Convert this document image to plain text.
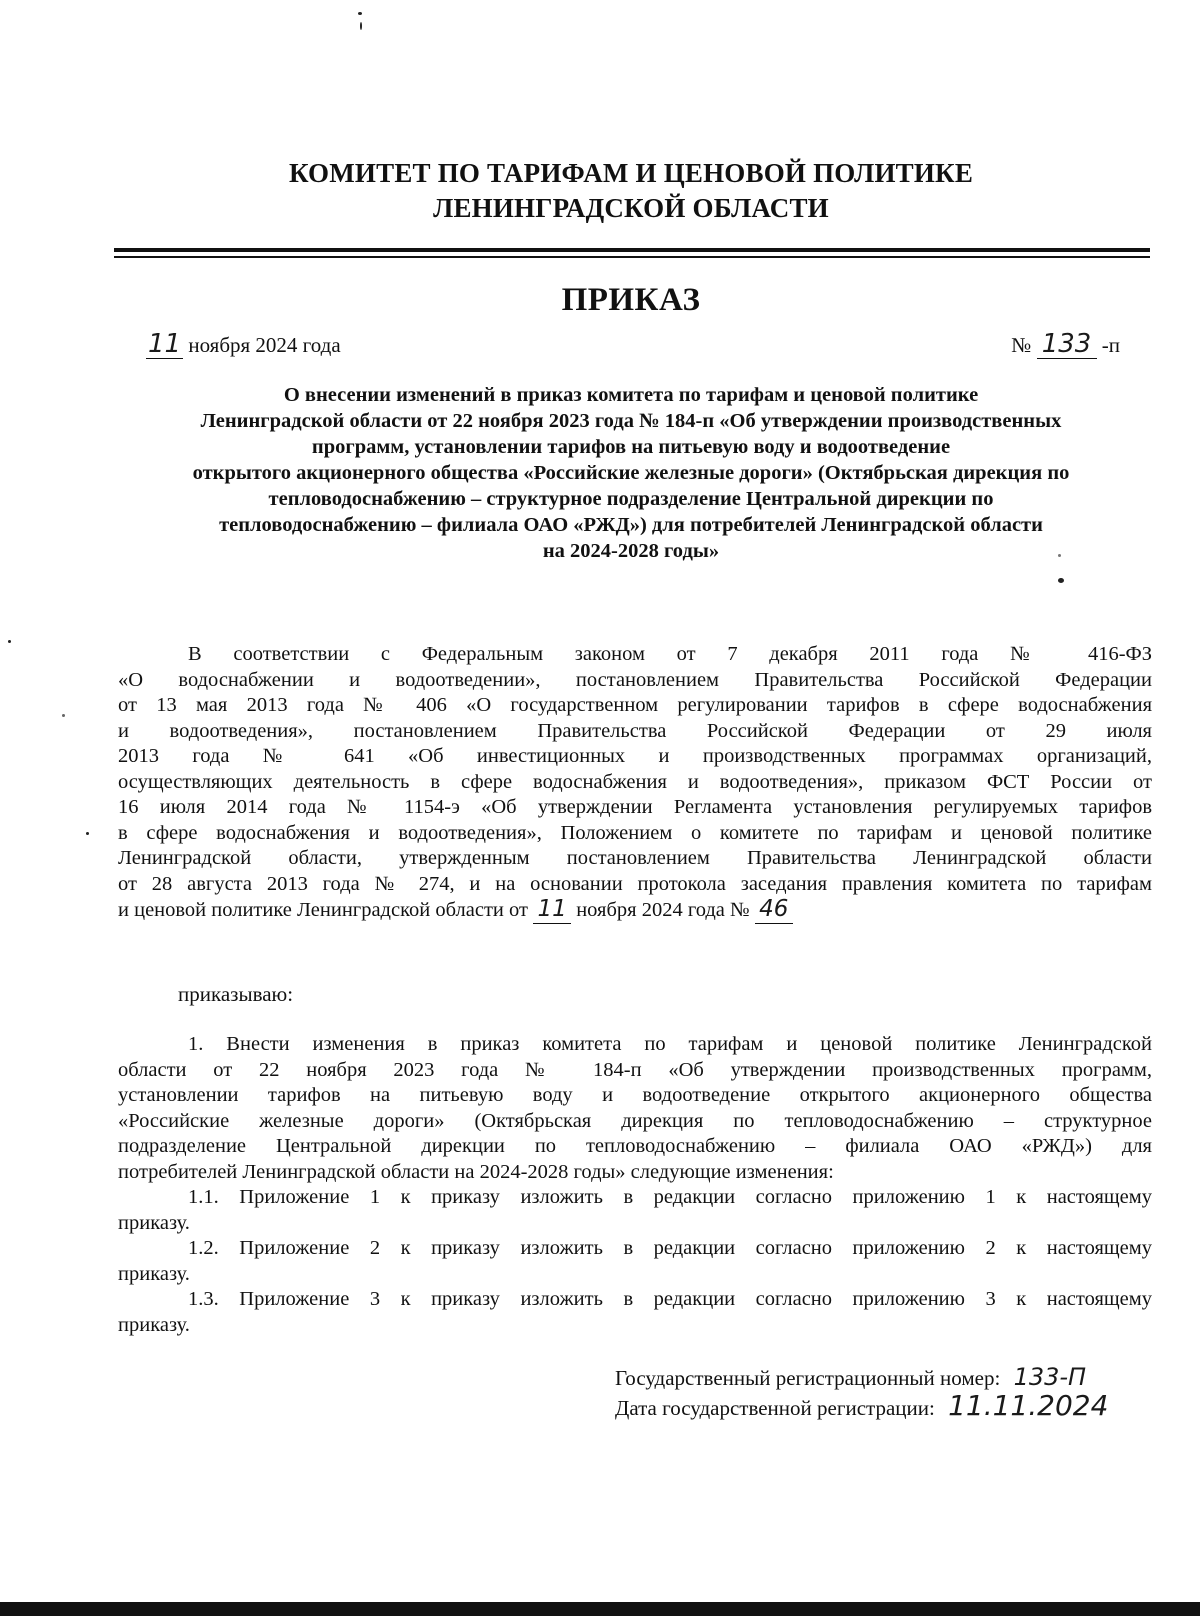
КОМИТЕТ ПО ТАРИФАМ И ЦЕНОВОЙ ПОЛИТИКЕ
ЛЕНИНГРАДСКОЙ ОБЛАСТИ
ПРИКАЗ
11 ноября 2024 года	№ 133 -п
О внесении изменений в приказ комитета по тарифам и ценовой политике
Ленинградской области от 22 ноября 2023 года № 184-п «Об утверждении производственных
программ, установлении тарифов на питьевую воду и водоотведение
открытого акционерного общества «Российские железные дороги» (Октябрьская дирекция по
тепловодоснабжению – структурное подразделение Центральной дирекции по
тепловодоснабжению – филиала ОАО «РЖД») для потребителей Ленинградской области
на 2024-2028 годы»
В соответствии с Федеральным законом от 7 декабря 2011 года № 416-ФЗ
«О водоснабжении и водоотведении», постановлением Правительства Российской Федерации
от 13 мая 2013 года № 406 «О государственном регулировании тарифов в сфере водоснабжения
и водоотведения», постановлением Правительства Российской Федерации от 29 июля
2013 года № 641 «Об инвестиционных и производственных программах организаций,
осуществляющих деятельность в сфере водоснабжения и водоотведения», приказом ФСТ России от
16 июля 2014 года № 1154-э «Об утверждении Регламента установления регулируемых тарифов
в сфере водоснабжения и водоотведения», Положением о комитете по тарифам и ценовой политике
Ленинградской области, утвержденным постановлением Правительства Ленинградской области
от 28 августа 2013 года № 274, и на основании протокола заседания правления комитета по тарифам
и ценовой политике Ленинградской области от 11 ноября 2024 года № 46
приказываю:
1. Внести изменения в приказ комитета по тарифам и ценовой политике Ленинградской
области от 22 ноября 2023 года № 184-п «Об утверждении производственных программ,
установлении тарифов на питьевую воду и водоотведение открытого акционерного общества
«Российские железные дороги» (Октябрьская дирекция по тепловодоснабжению – структурное
подразделение Центральной дирекции по тепловодоснабжению – филиала ОАО «РЖД») для
потребителей Ленинградской области на 2024-2028 годы» следующие изменения:
1.1. Приложение 1 к приказу изложить в редакции согласно приложению 1 к настоящему
приказу.
1.2. Приложение 2 к приказу изложить в редакции согласно приложению 2 к настоящему
приказу.
1.3. Приложение 3 к приказу изложить в редакции согласно приложению 3 к настоящему
приказу.
Государственный регистрационный номер: 133-П
Дата государственной регистрации: 11.11.2024
